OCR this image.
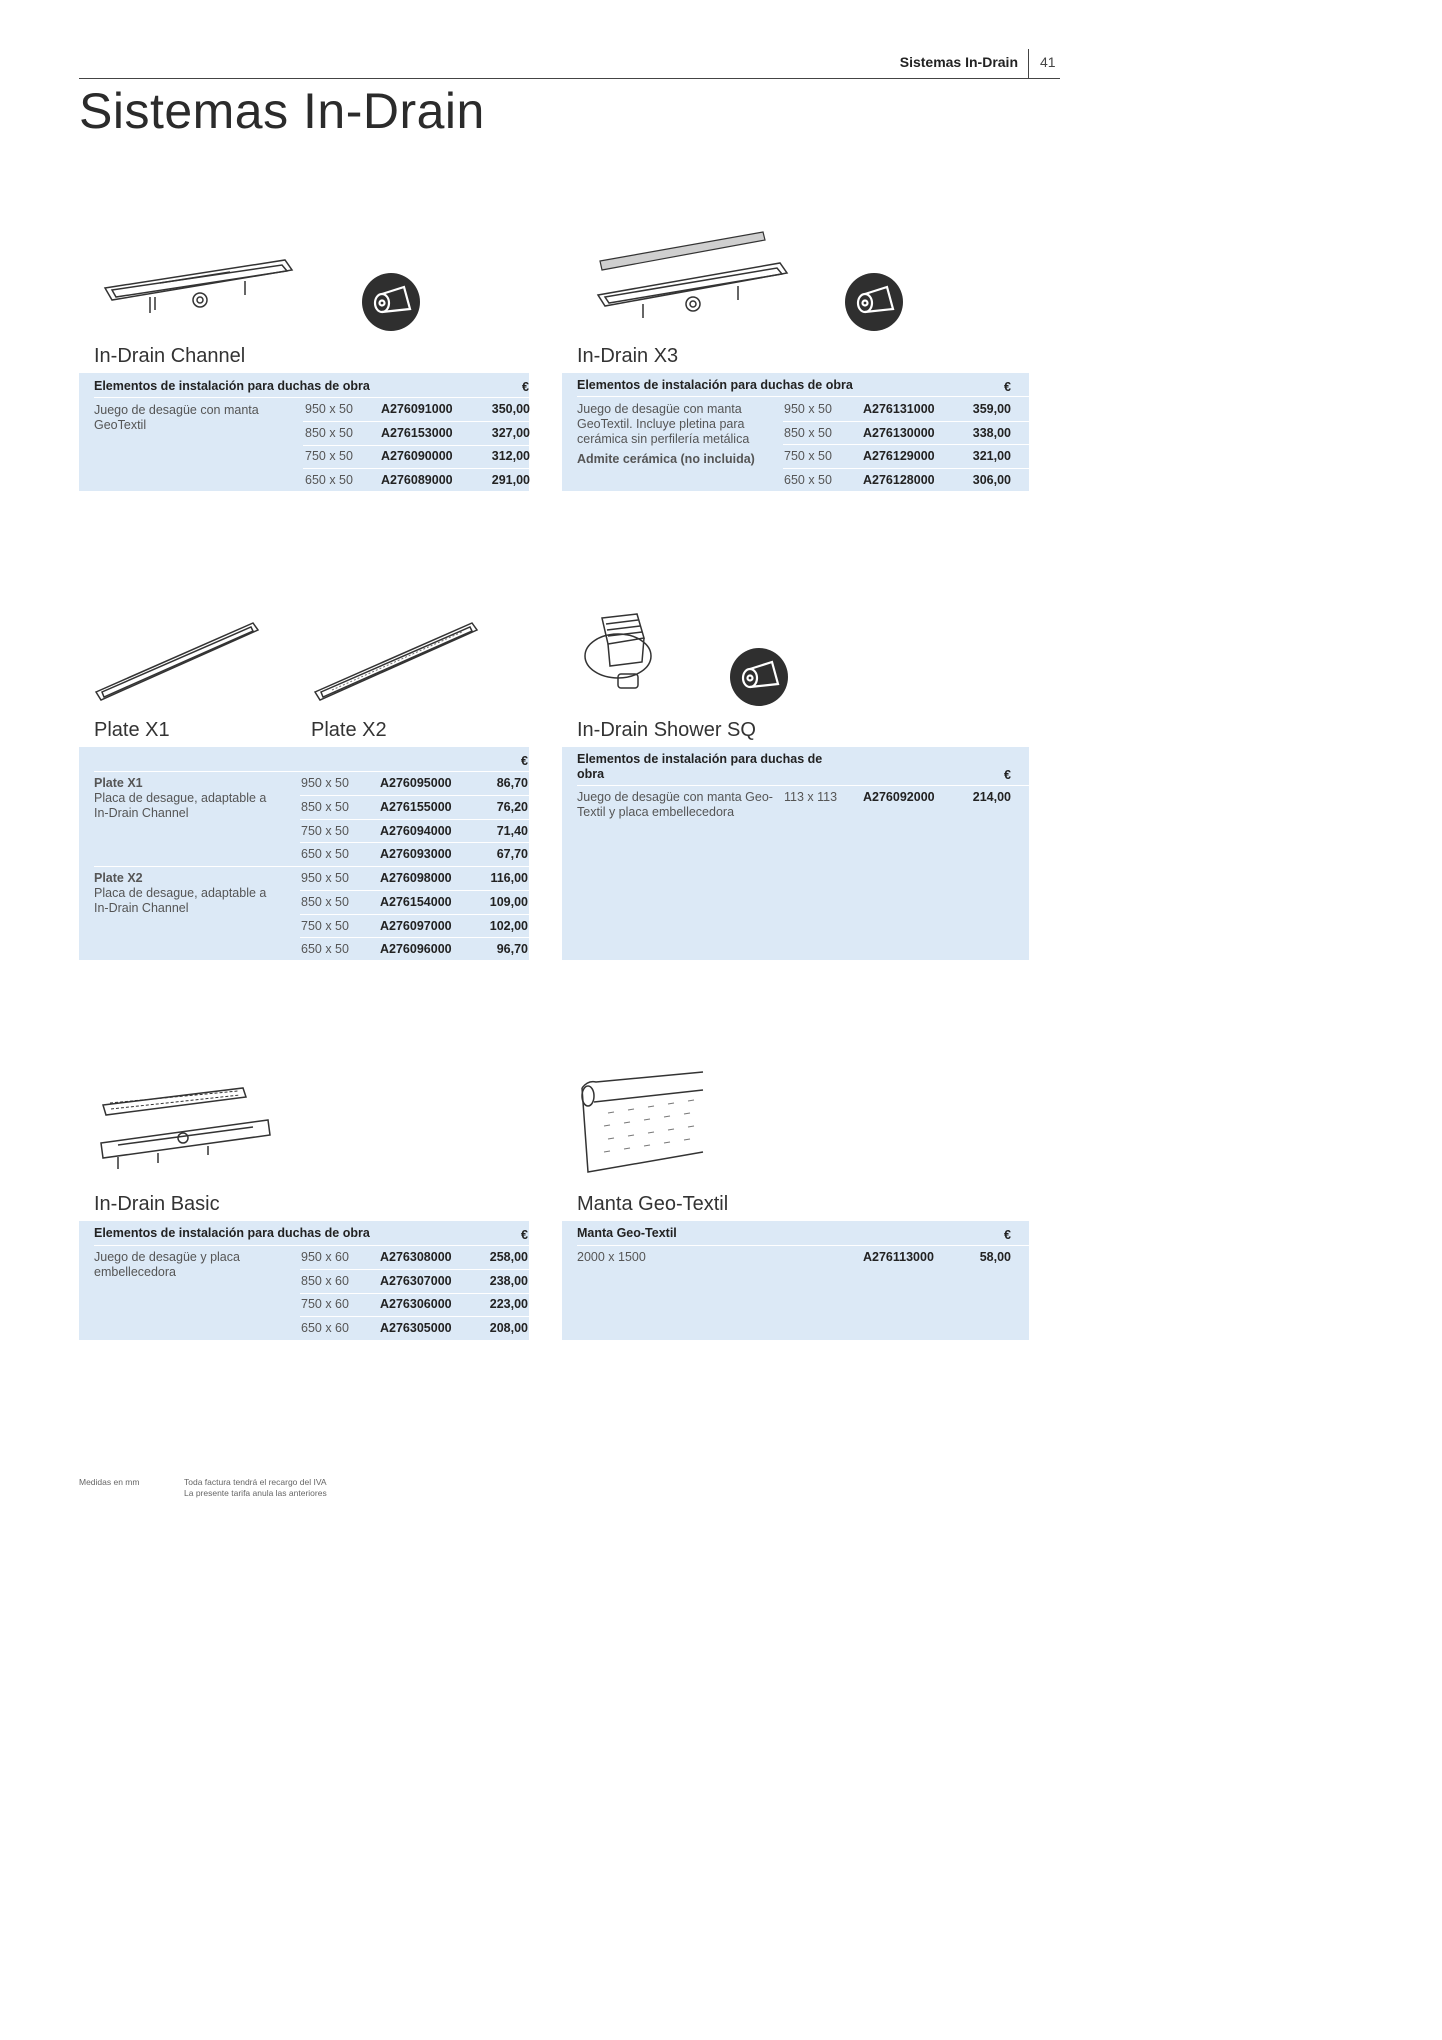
Sistemas In-Drain 41
Sistemas In-Drain
In-Drain Channel
Elementos de instalación para duchas de obra	€
Juego de desagüe con manta GeoTextil
950 x 50 A276091000	350,00
850 x 50 A276153000	327,00
750 x 50 A276090000	312,00
650 x 50 A276089000	291,00
In-Drain X3
Elementos de instalación para duchas de obra	€
Juego de desagüe con manta GeoTextil. Incluye pletina para cerámica sin perfilería metálica
Admite cerámica (no incluida)
950 x 50 A276131000	359,00
850 x 50 A276130000	338,00
750 x 50 A276129000	321,00
650 x 50 A276128000	306,00
Plate X1	Plate X2
€
Plate X1
Placa de desague, adaptable a In-Drain Channel
950 x 50 A276095000	86,70
850 x 50 A276155000	76,20
750 x 50 A276094000	71,40
650 x 50 A276093000	67,70
Plate X2
Placa de desague, adaptable a In-Drain Channel
950 x 50 A276098000	116,00
850 x 50 A276154000	109,00
750 x 50 A276097000	102,00
650 x 50 A276096000	96,70
In-Drain Shower SQ
Elementos de instalación para duchas de obra	€
Juego de desagüe con manta Geo-Textil y placa embellecedora
113 x 113 A276092000	214,00
In-Drain Basic
Elementos de instalación para duchas de obra	€
Juego de desagüe y placa embellecedora
950 x 60 A276308000	258,00
850 x 60 A276307000	238,00
750 x 60 A276306000	223,00
650 x 60 A276305000	208,00
Manta Geo-Textil
Manta Geo-Textil	€
2000 x 1500	A276113000	58,00
Medidas en mm	Toda factura tendrá el recargo del IVA
La presente tarifa anula las anteriores
